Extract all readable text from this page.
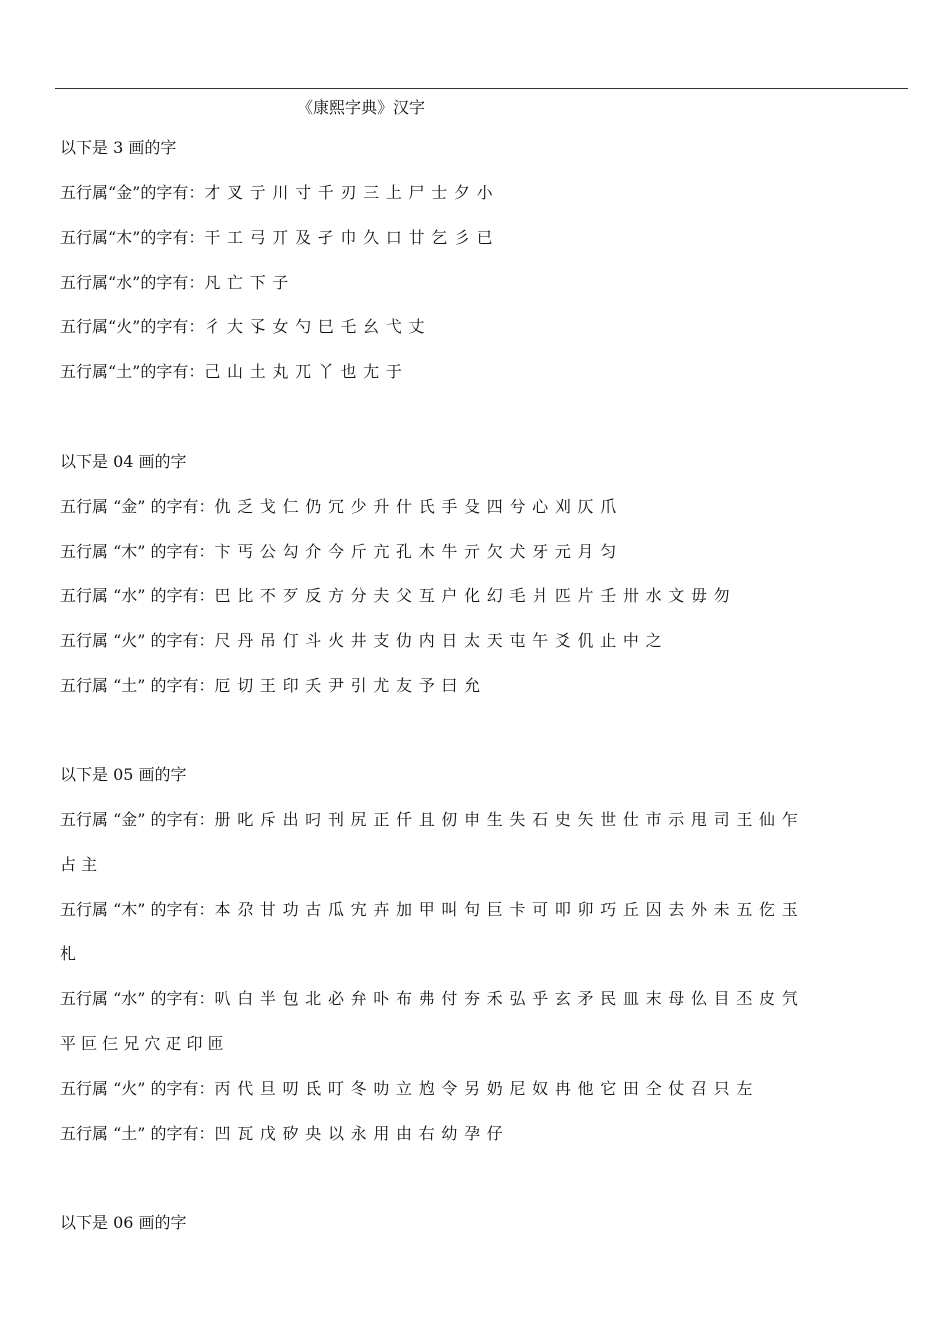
《康熙字典》汉字
以下是 3 画的字
五行属“金”的字有：才 叉 亍 川 寸 千 刃 三 上 尸 士 夕 小
五行属“木”的字有：干 工 弓 丌 及 孑 巾 久 口 廿 乞 彡 已
五行属“水”的字有：凡 亡 下 子
五行属“火”的字有：彳 大 孓 女 勺 巳 乇 幺 弋 丈
五行属“土”的字有：己 山 土 丸 兀 丫 也 尢 于
以下是 04 画的字
五行属 “金” 的字有：仇 乏 戈 仁 仍 冗 少 升 什 氏 手 殳 四 兮 心 刈 仄 爪
五行属 “木” 的字有：卞 丐 公 勾 介 今 斤 亢 孔 木 牛 亓 欠 犬 牙 元 月 匀
五行属 “水” 的字有：巴 比 不 歹 反 方 分 夫 父 互 户 化 幻 毛 爿 匹 片 壬 卅 水 文 毋 勿
五行属 “火” 的字有：尺 丹 吊 仃 斗 火 井 支 仂 内 日 太 天 屯 午 爻 仉 止 中 之
五行属 “土” 的字有：厄 切 王 印 夭 尹 引 尤 友 予 曰 允
以下是 05 画的字
五行属 “金” 的字有：册 叱 斥 出 叼 刊 尻 正 仟 且 仞 申 生 失 石 史 矢 世 仕 市 示 甩 司 王 仙 乍
占 主
五行属 “木” 的字有：本 尕 甘 功 古 瓜 宄 卉 加 甲 叫 句 巨 卡 可 叩 卯 巧 丘 囚 去 外 未 五 仡 玉
札
五行属 “水” 的字有：叭 白 半 包 北 必 弁 卟 布 弗 付 夯 禾 弘 乎 玄 矛 民 皿 末 母 仫 目 丕 皮 氕
平 叵 仨 兄 穴 疋 印 匝
五行属 “火” 的字有：丙 代 旦 叨 氐 叮 冬 叻 立 尥 令 另 奶 尼 奴 冉 他 它 田 仝 仗 召 只 左
五行属 “土” 的字有：凹 瓦 戊 矽 央 以 永 用 由 右 幼 孕 仔
以下是 06 画的字
